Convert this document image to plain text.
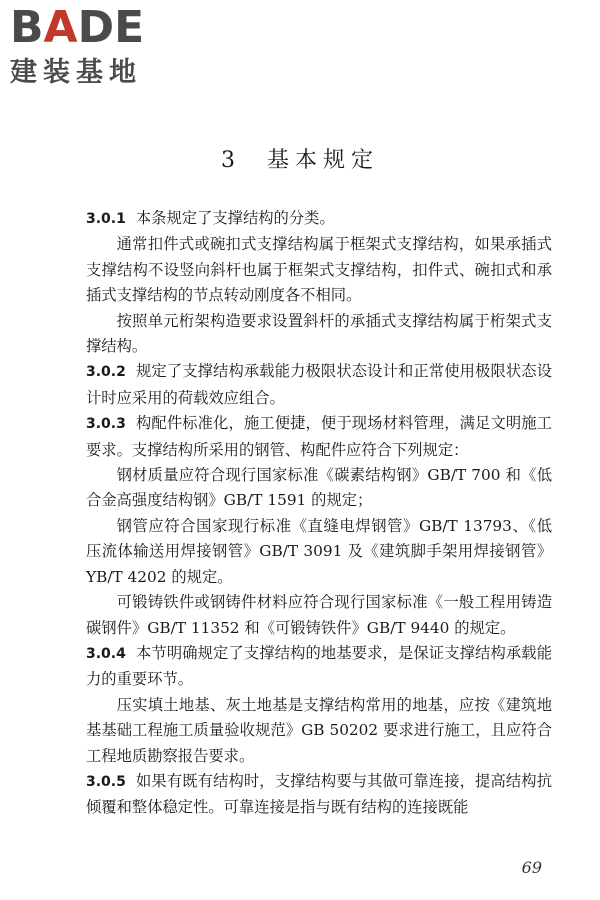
BADE
建装基地
3 基本规定

3.0.1 本条规定了支撑结构的分类。

通常扣件式或碗扣式支撑结构属于框架式支撑结构，如果承插式支撑结构不设竖向斜杆也属于框架式支撑结构，扣件式、碗扣式和承插式支撑结构的节点转动刚度各不相同。

按照单元桁架构造要求设置斜杆的承插式支撑结构属于桁架式支撑结构。

3.0.2 规定了支撑结构承载能力极限状态设计和正常使用极限状态设计时应采用的荷载效应组合。

3.0.3 构配件标准化，施工便捷，便于现场材料管理，满足文明施工要求。支撑结构所采用的钢管、构配件应符合下列规定：

钢材质量应符合现行国家标准《碳素结构钢》GB/T 700 和《低合金高强度结构钢》GB/T 1591 的规定；

钢管应符合国家现行标准《直缝电焊钢管》GB/T 13793、《低压流体输送用焊接钢管》GB/T 3091 及《建筑脚手架用焊接钢管》YB/T 4202 的规定。

可锻铸铁件或钢铸件材料应符合现行国家标准《一般工程用铸造碳钢件》GB/T 11352 和《可锻铸铁件》GB/T 9440 的规定。

3.0.4 本节明确规定了支撑结构的地基要求，是保证支撑结构承载能力的重要环节。

压实填土地基、灰土地基是支撑结构常用的地基，应按《建筑地基基础工程施工质量验收规范》GB 50202 要求进行施工，且应符合工程地质勘察报告要求。

3.0.5 如果有既有结构时，支撑结构要与其做可靠连接，提高结构抗倾覆和整体稳定性。可靠连接是指与既有结构的连接既能

69
